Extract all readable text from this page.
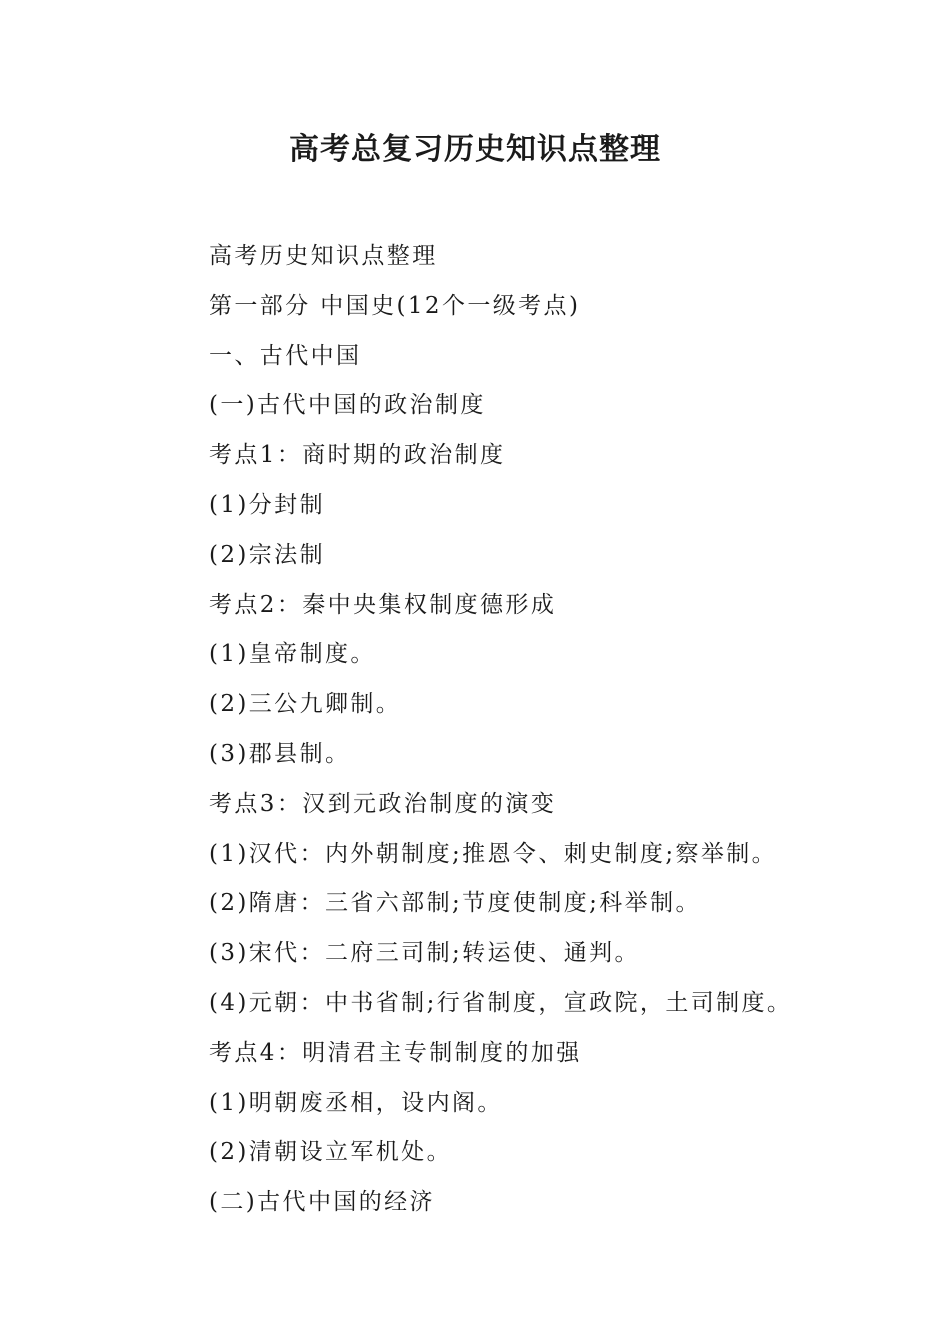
高考总复习历史知识点整理

高考历史知识点整理

第一部分 中国史(12个一级考点)

一、古代中国

(一)古代中国的政治制度

考点1：商时期的政治制度

(1)分封制

(2)宗法制

考点2：秦中央集权制度德形成

(1)皇帝制度。

(2)三公九卿制。

(3)郡县制。

考点3：汉到元政治制度的演变

(1)汉代：内外朝制度;推恩令、刺史制度;察举制。

(2)隋唐：三省六部制;节度使制度;科举制。

(3)宋代：二府三司制;转运使、通判。

(4)元朝：中书省制;行省制度，宣政院，土司制度。

考点4：明清君主专制制度的加强

(1)明朝废丞相，设内阁。

(2)清朝设立军机处。

(二)古代中国的经济
